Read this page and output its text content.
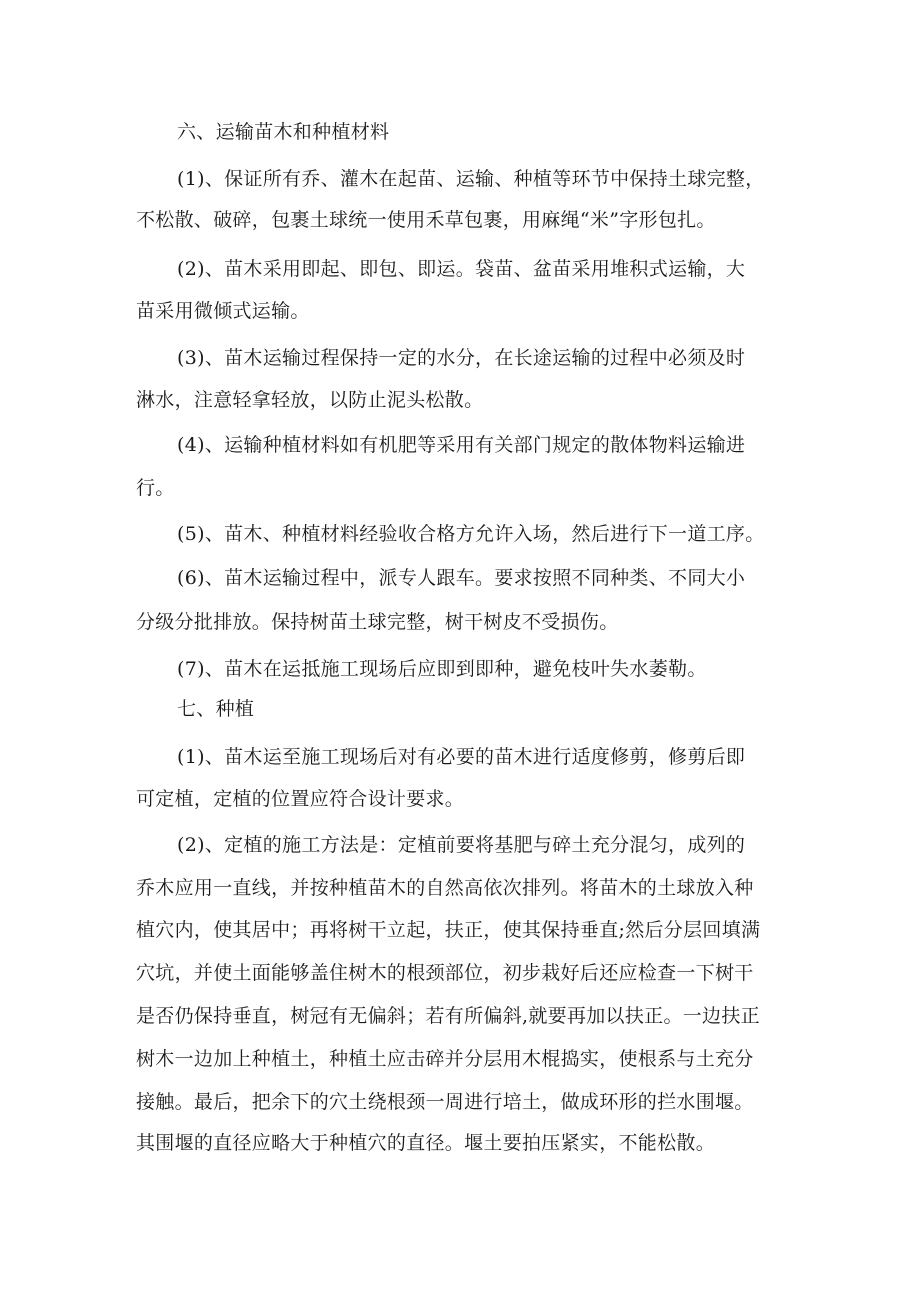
六、运输苗木和种植材料
(1)、保证所有乔、灌木在起苗、运输、种植等环节中保持土球完整，
不松散、破碎，包裹土球统一使用禾草包裹，用麻绳“米”字形包扎。
(2)、苗木采用即起、即包、即运。袋苗、盆苗采用堆积式运输，大
苗采用微倾式运输。
(3)、苗木运输过程保持一定的水分，在长途运输的过程中必须及时
淋水，注意轻拿轻放，以防止泥头松散。
(4)、运输种植材料如有机肥等采用有关部门规定的散体物料运输进
行。
(5)、苗木、种植材料经验收合格方允许入场，然后进行下一道工序。
(6)、苗木运输过程中，派专人跟车。要求按照不同种类、不同大小
分级分批排放。保持树苗土球完整，树干树皮不受损伤。
(7)、苗木在运抵施工现场后应即到即种，避免枝叶失水萎勒。
七、种植
(1)、苗木运至施工现场后对有必要的苗木进行适度修剪，修剪后即
可定植，定植的位置应符合设计要求。
(2)、定植的施工方法是：定植前要将基肥与碎土充分混匀，成列的
乔木应用一直线，并按种植苗木的自然高依次排列。将苗木的土球放入种
植穴内，使其居中；再将树干立起，扶正，使其保持垂直;然后分层回填满
穴坑，并使土面能够盖住树木的根颈部位，初步栽好后还应检查一下树干
是否仍保持垂直，树冠有无偏斜；若有所偏斜,就要再加以扶正。一边扶正
树木一边加上种植土，种植土应击碎并分层用木棍捣实，使根系与土充分
接触。最后，把余下的穴土绕根颈一周进行培土，做成环形的拦水围堰。
其围堰的直径应略大于种植穴的直径。堰土要拍压紧实，不能松散。
